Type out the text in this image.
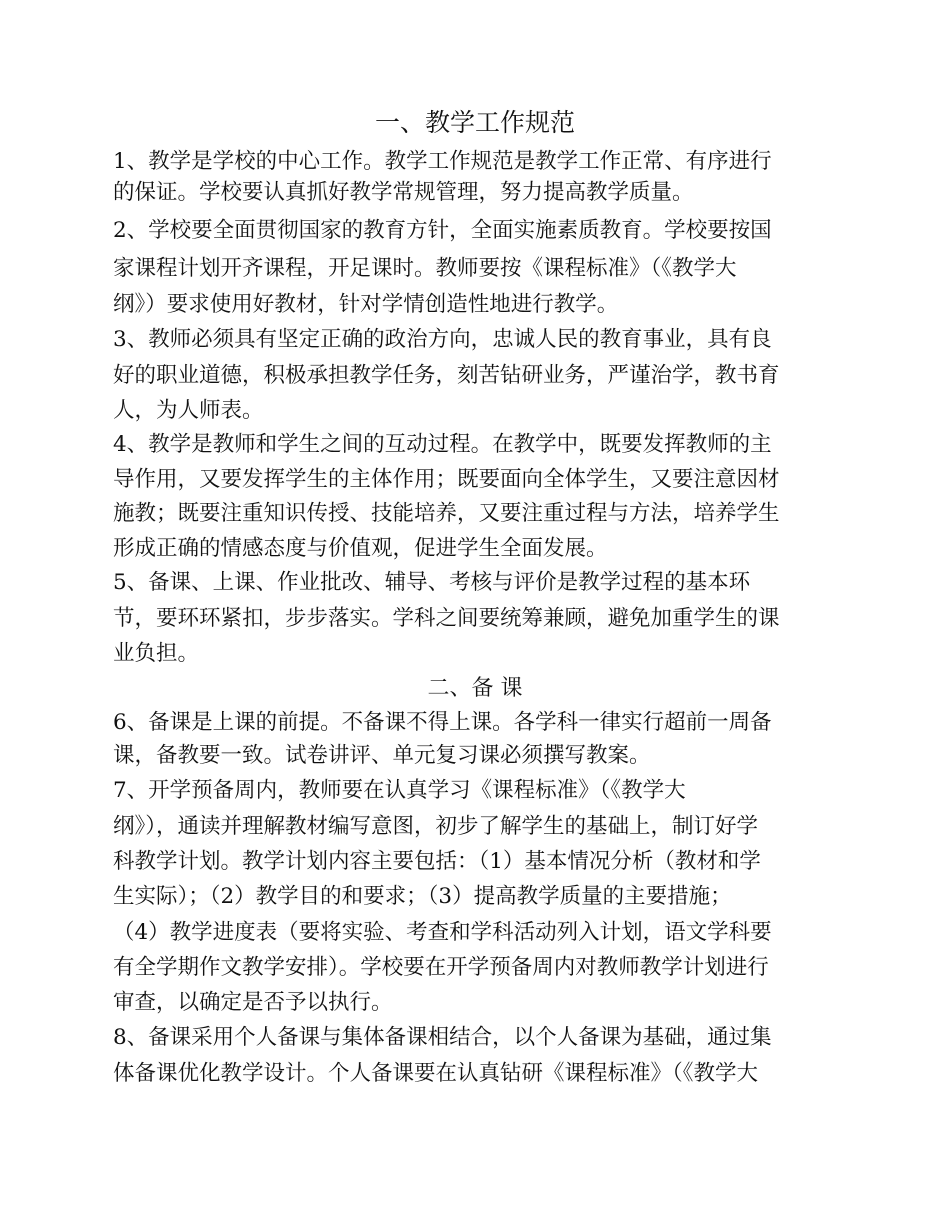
一、教学工作规范
1、教学是学校的中心工作。教学工作规范是教学工作正常、有序进行
的保证。学校要认真抓好教学常规管理，努力提高教学质量。
2、学校要全面贯彻国家的教育方针，全面实施素质教育。学校要按国
家课程计划开齐课程，开足课时。教师要按《课程标准》（《教学大
纲》）要求使用好教材，针对学情创造性地进行教学。
3、教师必须具有坚定正确的政治方向，忠诚人民的教育事业，具有良
好的职业道德，积极承担教学任务，刻苦钻研业务，严谨治学，教书育
人，为人师表。
4、教学是教师和学生之间的互动过程。在教学中，既要发挥教师的主
导作用，又要发挥学生的主体作用；既要面向全体学生，又要注意因材
施教；既要注重知识传授、技能培养，又要注重过程与方法，培养学生
形成正确的情感态度与价值观，促进学生全面发展。
5、备课、上课、作业批改、辅导、考核与评价是教学过程的基本环
节，要环环紧扣，步步落实。学科之间要统筹兼顾，避免加重学生的课
业负担。
二、备 课
6、备课是上课的前提。不备课不得上课。各学科一律实行超前一周备
课，备教要一致。试卷讲评、单元复习课必须撰写教案。
7、开学预备周内，教师要在认真学习《课程标准》（《教学大
纲》），通读并理解教材编写意图，初步了解学生的基础上，制订好学
科教学计划。教学计划内容主要包括：（1）基本情况分析（教材和学
生实际）；（2）教学目的和要求；（3）提高教学质量的主要措施；
（4）教学进度表（要将实验、考查和学科活动列入计划，语文学科要
有全学期作文教学安排）。学校要在开学预备周内对教师教学计划进行
审查，以确定是否予以执行。
8、备课采用个人备课与集体备课相结合，以个人备课为基础，通过集
体备课优化教学设计。个人备课要在认真钻研《课程标准》（《教学大
